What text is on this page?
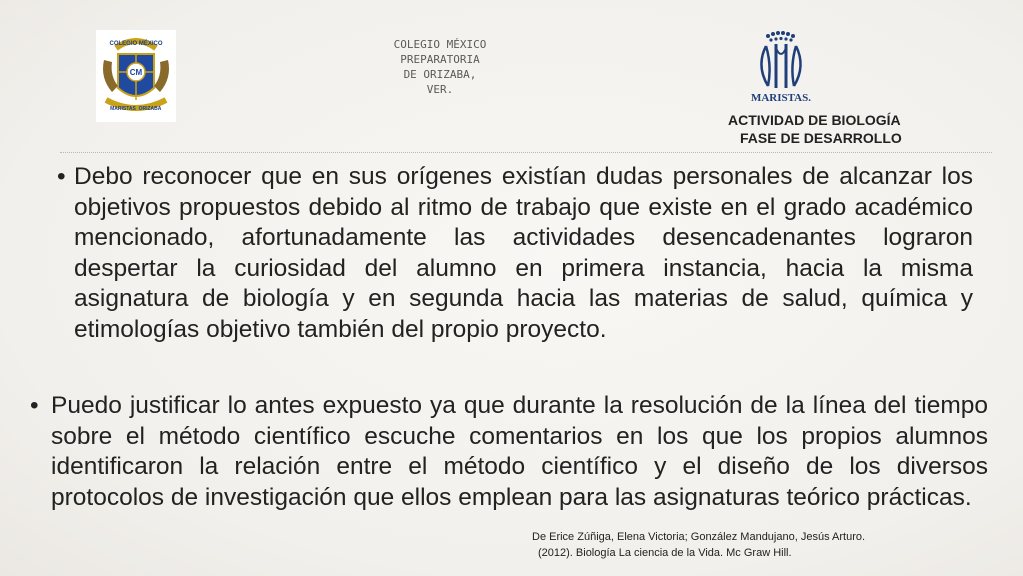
COLEGIO MÉXICO
CM
MARISTAS ORIZABA
COLEGIO MÉXICO
PREPARATORIA
DE ORIZABA,
VER.
MARISTAS.
ACTIVIDAD DE BIOLOGÍA
FASE DE DESARROLLO
• Debo reconocer que en sus orígenes existían dudas personales de alcanzar los objetivos propuestos debido al ritmo de trabajo que existe en el grado académico mencionado, afortunadamente las actividades desencadenantes lograron despertar la curiosidad del alumno en primera instancia, hacia la misma asignatura de biología y en segunda hacia las materias de salud, química y etimologías objetivo también del propio proyecto.
• Puedo justificar lo antes expuesto ya que durante la resolución de la línea del tiempo sobre el método científico escuche comentarios en los que los propios alumnos identificaron la relación entre el método científico y el diseño de los diversos protocolos de investigación que ellos emplean para las asignaturas teórico prácticas.
De Erice Zúñiga, Elena Victoria; González Mandujano, Jesús Arturo.
(2012). Biología La ciencia de la Vida. Mc Graw Hill.
